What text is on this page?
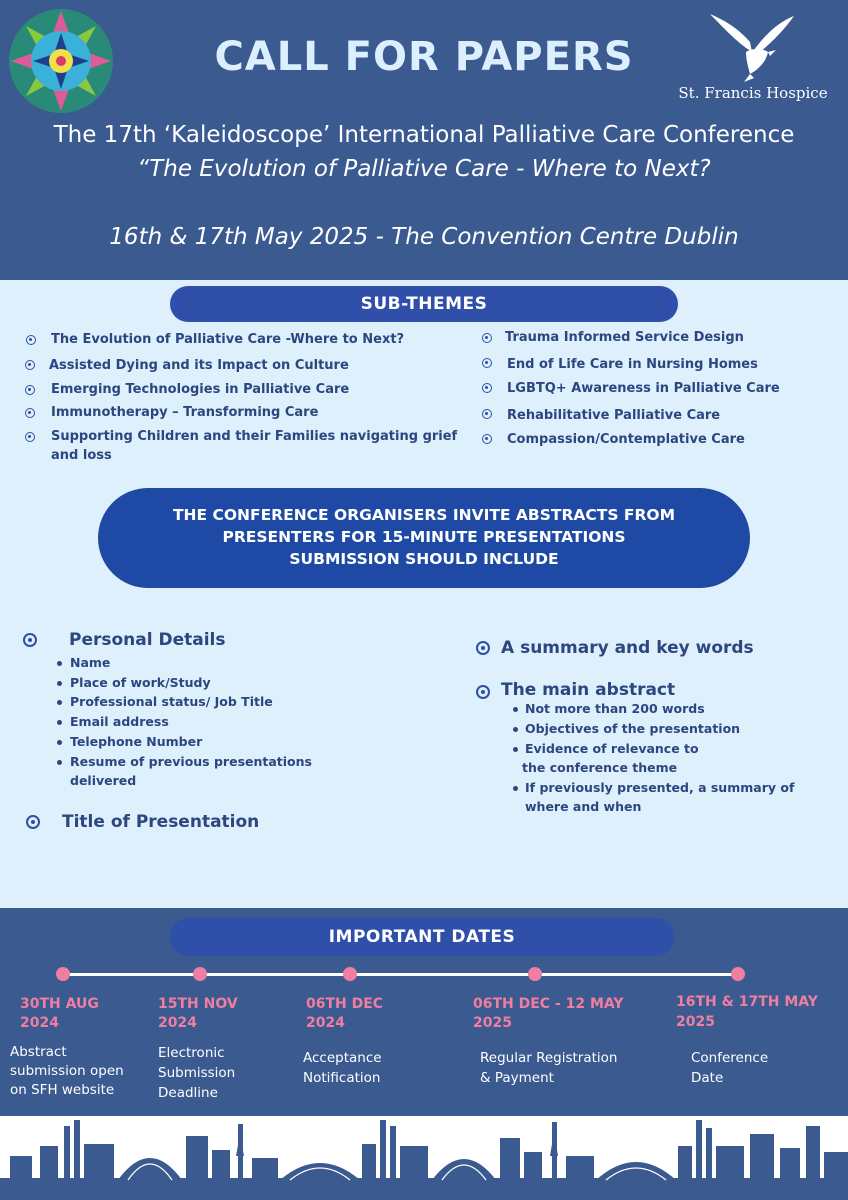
CALL FOR PAPERS
St. Francis Hospice
The 17th ‘Kaleidoscope’ International Palliative Care Conference
“The Evolution of Palliative Care - Where to Next?
16th & 17th May 2025 - The Convention Centre Dublin
SUB-THEMES
The Evolution of Palliative Care -Where to Next?
Assisted Dying and its Impact on Culture
Emerging Technologies in Palliative Care
Immunotherapy – Transforming Care
Supporting Children and their Families navigating grief
and loss
Trauma Informed Service Design
End of Life Care in Nursing Homes
LGBTQ+ Awareness in Palliative Care
Rehabilitative Palliative Care
Compassion/Contemplative Care
THE CONFERENCE ORGANISERS INVITE ABSTRACTS FROM
PRESENTERS FOR 15-MINUTE PRESENTATIONS
SUBMISSION SHOULD INCLUDE
Personal Details
Name
Place of work/Study
Professional status/ Job Title
Email address
Telephone Number
Resume of previous presentations
delivered
Title of Presentation
A summary and key words
The main abstract
Not more than 200 words
Objectives of the presentation
Evidence of relevance to
the conference theme
If previously presented, a summary of
where and when
IMPORTANT DATES
30TH AUG
2024
Abstract
submission open
on SFH website
15TH NOV
2024
Electronic
Submission
Deadline
06TH DEC
2024
Acceptance
Notification
06TH DEC - 12 MAY
2025
Regular Registration
& Payment
16TH & 17TH MAY
2025
Conference
Date
